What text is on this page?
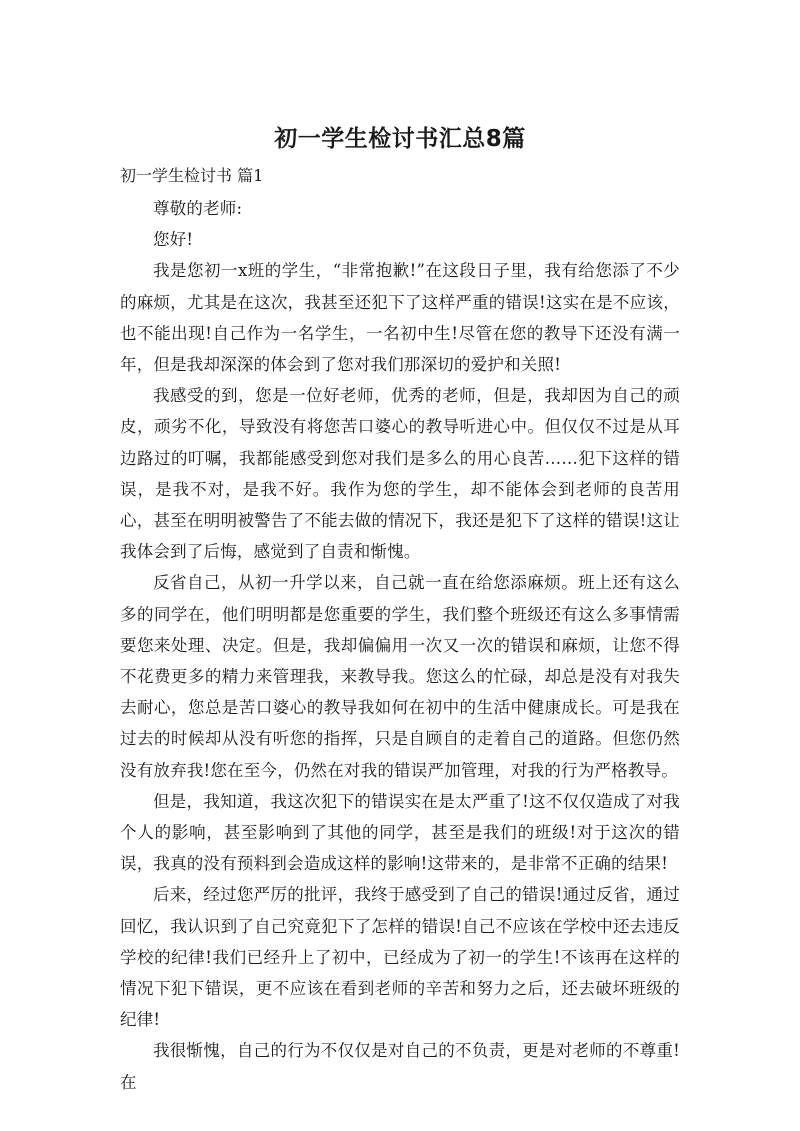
初一学生检讨书汇总8篇
初一学生检讨书 篇1

尊敬的老师:

您好!

我是您初一x班的学生，“非常抱歉!”在这段日子里，我有给您添了不少的麻烦，尤其是在这次，我甚至还犯下了这样严重的错误!这实在是不应该，也不能出现!自己作为一名学生，一名初中生!尽管在您的教导下还没有满一年，但是我却深深的体会到了您对我们那深切的爱护和关照!

我感受的到，您是一位好老师，优秀的老师，但是，我却因为自己的顽皮，顽劣不化，导致没有将您苦口婆心的教导听进心中。但仅仅不过是从耳边路过的叮嘱，我都能感受到您对我们是多么的用心良苦……犯下这样的错误，是我不对，是我不好。我作为您的学生，却不能体会到老师的良苦用心，甚至在明明被警告了不能去做的情况下，我还是犯下了这样的错误!这让我体会到了后悔，感觉到了自责和惭愧。

反省自己，从初一升学以来，自己就一直在给您添麻烦。班上还有这么多的同学在，他们明明都是您重要的学生，我们整个班级还有这么多事情需要您来处理、决定。但是，我却偏偏用一次又一次的错误和麻烦，让您不得不花费更多的精力来管理我，来教导我。您这么的忙碌，却总是没有对我失去耐心，您总是苦口婆心的教导我如何在初中的生活中健康成长。可是我在过去的时候却从没有听您的指挥，只是自顾自的走着自己的道路。但您仍然没有放弃我!您在至今，仍然在对我的错误严加管理，对我的行为严格教导。

但是，我知道，我这次犯下的错误实在是太严重了!这不仅仅造成了对我个人的影响，甚至影响到了其他的同学，甚至是我们的班级!对于这次的错误，我真的没有预料到会造成这样的影响!这带来的，是非常不正确的结果!

后来，经过您严厉的批评，我终于感受到了自己的错误!通过反省，通过回忆，我认识到了自己究竟犯下了怎样的错误!自己不应该在学校中还去违反学校的纪律!我们已经升上了初中，已经成为了初一的学生!不该再在这样的情况下犯下错误，更不应该在看到老师的辛苦和努力之后，还去破坏班级的纪律!

我很惭愧，自己的行为不仅仅是对自己的不负责，更是对老师的不尊重!在
